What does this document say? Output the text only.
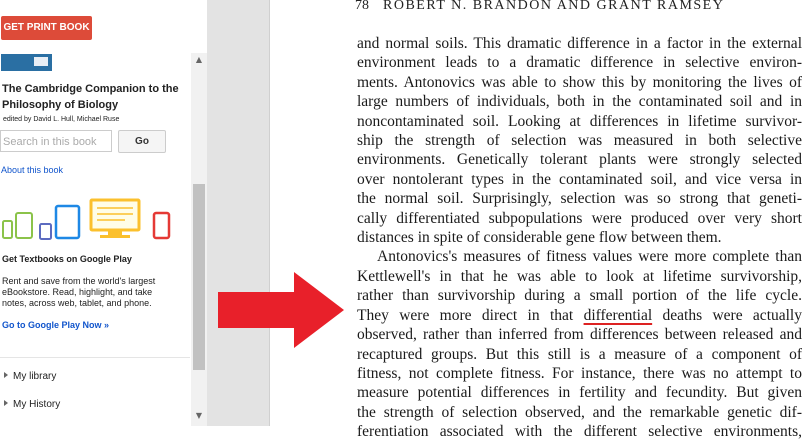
GET PRINT BOOK
The Cambridge Companion to the Philosophy of Biology
edited by David L. Hull, Michael Ruse
Search in this book	Go
About this book
Get Textbooks on Google Play
Rent and save from the world's largest eBookstore. Read, highlight, and take notes, across web, tablet, and phone.
Go to Google Play Now »
My library
My History
▲
▼
78 ROBERT N. BRANDON AND GRANT RAMSEY
and normal soils. This dramatic difference in a factor in the external
environment leads to a dramatic difference in selective environ-
ments. Antonovics was able to show this by monitoring the lives of
large numbers of individuals, both in the contaminated soil and in
noncontaminated soil. Looking at differences in lifetime survivor-
ship the strength of selection was measured in both selective
environments. Genetically tolerant plants were strongly selected
over nontolerant types in the contaminated soil, and vice versa in
the normal soil. Surprisingly, selection was so strong that geneti-
cally differentiated subpopulations were produced over very short
distances in spite of considerable gene flow between them.
Antonovics's measures of fitness values were more complete than
Kettlewell's in that he was able to look at lifetime survivorship,
rather than survivorship during a small portion of the life cycle.
They were more direct in that differential deaths were actually
observed, rather than inferred from differences between released and
recaptured groups. But this still is a measure of a component of
fitness, not complete fitness. For instance, there was no attempt to
measure potential differences in fertility and fecundity. But given
the strength of selection observed, and the remarkable genetic dif-
ferentiation associated with the different selective environments,
